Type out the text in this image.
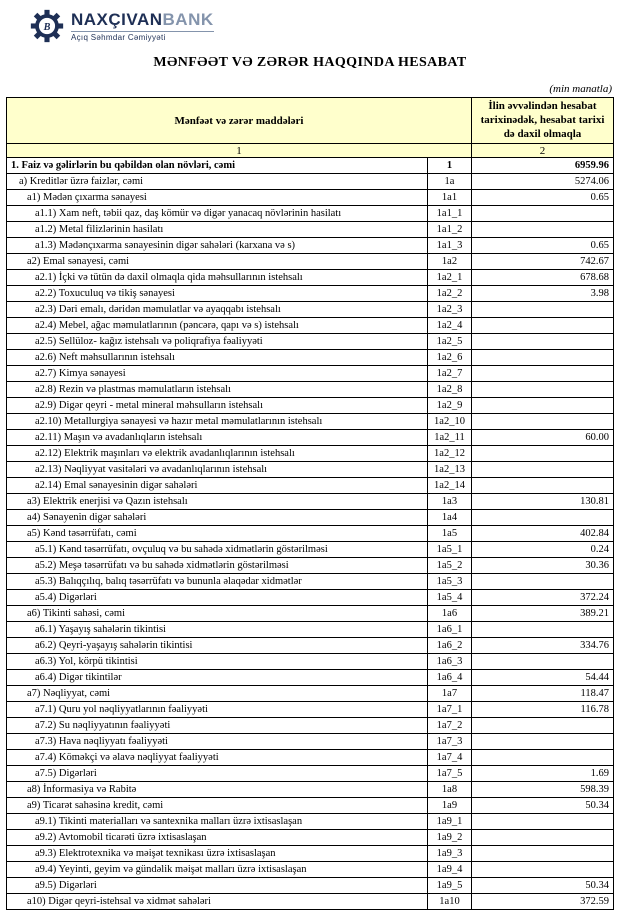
B NAXÇIVANBANK
Açıq Səhmdar Cəmiyyəti
MƏNFƏƏT VƏ ZƏRƏR HAQQINDA HESABAT
(min manatla)
Mənfəət və zərər maddələri		İlin əvvəlindən hesabat tarixinədək, hesabat tarixi də daxil olmaqla
1		2
1. Faiz və gəlirlərin bu qəbildən olan növləri, cəmi	1	6959.96
a) Kreditlər üzrə faizlər, cəmi	1a	5274.06
a1) Mədən çıxarma sənayesi	1a1	0.65
a1.1) Xam neft, təbii qaz, daş kömür və digər yanacaq növlərinin hasilatı	1a1_1	
a1.2) Metal filizlərinin hasilatı	1a1_2	
a1.3) Mədənçıxarma sənayesinin digər sahələri (karxana və s)	1a1_3	0.65
a2) Emal sənayesi, cəmi	1a2	742.67
a2.1) İçki və tütün də daxil olmaqla qida məhsullarının istehsalı	1a2_1	678.68
a2.2) Toxuculuq və tikiş sənayesi	1a2_2	3.98
a2.3) Dəri emalı, dəridən məmulatlar və ayaqqabı istehsalı	1a2_3	
a2.4) Mebel, ağac məmulatlarının (pəncərə, qapı və s) istehsalı	1a2_4	
a2.5) Sellüloz- kağız istehsalı və poliqrafiya fəaliyyəti	1a2_5	
a2.6) Neft məhsullarının istehsalı	1a2_6	
a2.7) Kimya sənayesi	1a2_7	
a2.8) Rezin və plastmas məmulatların istehsalı	1a2_8	
a2.9) Digər qeyri - metal mineral məhsulların istehsalı	1a2_9	
a2.10) Metallurgiya sənayesi və hazır metal məmulatlarının istehsalı	1a2_10	
a2.11) Maşın və avadanlıqların istehsalı	1a2_11	60.00
a2.12) Elektrik maşınları və elektrik avadanlıqlarının istehsalı	1a2_12	
a2.13) Nəqliyyat vasitələri və avadanlıqlarının istehsalı	1a2_13	
a2.14) Emal sənayesinin digər sahələri	1a2_14	
a3) Elektrik enerjisi və Qazın istehsalı	1a3	130.81
a4) Sənayenin digər sahələri	1a4	
a5) Kənd təsərrüfatı, cəmi	1a5	402.84
a5.1) Kənd təsərrüfatı, ovçuluq və bu sahədə xidmətlərin göstərilməsi	1a5_1	0.24
a5.2) Meşə təsərrüfatı və bu sahədə xidmətlərin göstərilməsi	1a5_2	30.36
a5.3) Balıqçılıq, balıq təsərrüfatı və bununla əlaqədar xidmətlər	1a5_3	
a5.4) Digərləri	1a5_4	372.24
a6) Tikinti sahəsi, cəmi	1a6	389.21
a6.1) Yaşayış sahələrin tikintisi	1a6_1	
a6.2) Qeyri-yaşayış sahələrin tikintisi	1a6_2	334.76
a6.3) Yol, körpü tikintisi	1a6_3	
a6.4) Digər tikintilər	1a6_4	54.44
a7) Nəqliyyat, cəmi	1a7	118.47
a7.1) Quru yol nəqliyyatlarının fəaliyyəti	1a7_1	116.78
a7.2) Su nəqliyyatının fəaliyyəti	1a7_2	
a7.3) Hava nəqliyyatı fəaliyyəti	1a7_3	
a7.4) Köməkçi və əlavə nəqliyyat fəaliyyəti	1a7_4	
a7.5) Digərləri	1a7_5	1.69
a8) İnformasiya və Rabitə	1a8	598.39
a9) Ticarət sahəsinə kredit, cəmi	1a9	50.34
a9.1) Tikinti materialları və santexnika malları üzrə ixtisaslaşan	1a9_1	
a9.2) Avtomobil ticarəti üzrə ixtisaslaşan	1a9_2	
a9.3) Elektrotexnika və məişət texnikası üzrə ixtisaslaşan	1a9_3	
a9.4) Yeyinti, geyim və gündəlik məişət malları üzrə ixtisaslaşan	1a9_4	
a9.5) Digərləri	1a9_5	50.34
a10) Digər qeyri-istehsal və xidmət sahələri	1a10	372.59
